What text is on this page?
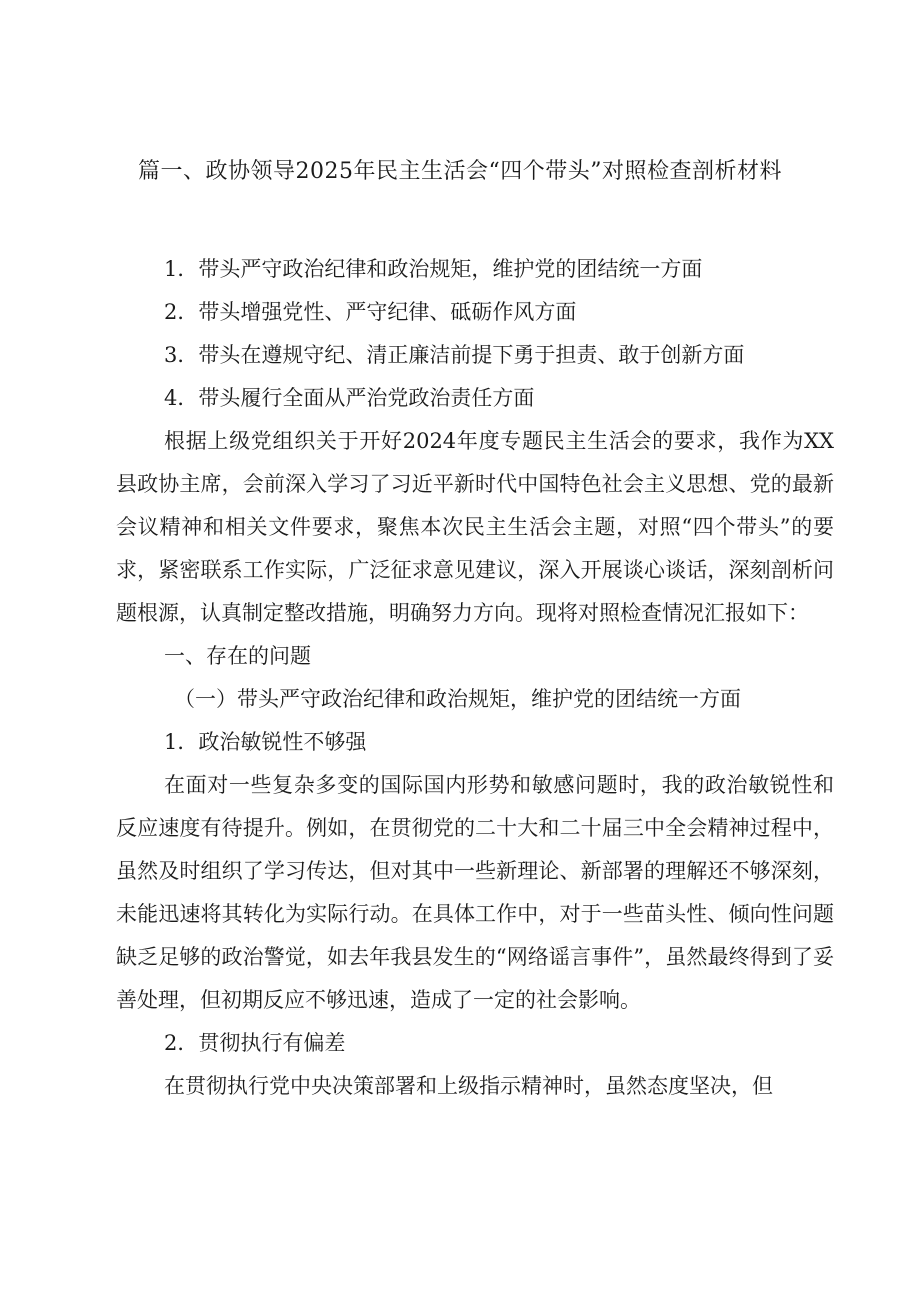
篇一、政协领导2025年民主生活会“四个带头”对照检查剖析材料

1．带头严守政治纪律和政治规矩，维护党的团结统一方面

2．带头增强党性、严守纪律、砥砺作风方面

3．带头在遵规守纪、清正廉洁前提下勇于担责、敢于创新方面

4．带头履行全面从严治党政治责任方面

根据上级党组织关于开好2024年度专题民主生活会的要求，我作为XX县政协主席，会前深入学习了习近平新时代中国特色社会主义思想、党的最新会议精神和相关文件要求，聚焦本次民主生活会主题，对照“四个带头”的要求，紧密联系工作实际，广泛征求意见建议，深入开展谈心谈话，深刻剖析问题根源，认真制定整改措施，明确努力方向。现将对照检查情况汇报如下：

一、存在的问题

（一）带头严守政治纪律和政治规矩，维护党的团结统一方面

1．政治敏锐性不够强

在面对一些复杂多变的国际国内形势和敏感问题时，我的政治敏锐性和反应速度有待提升。例如，在贯彻党的二十大和二十届三中全会精神过程中，虽然及时组织了学习传达，但对其中一些新理论、新部署的理解还不够深刻，未能迅速将其转化为实际行动。在具体工作中，对于一些苗头性、倾向性问题缺乏足够的政治警觉，如去年我县发生的“网络谣言事件”，虽然最终得到了妥善处理，但初期反应不够迅速，造成了一定的社会影响。

2．贯彻执行有偏差

在贯彻执行党中央决策部署和上级指示精神时，虽然态度坚决，但
